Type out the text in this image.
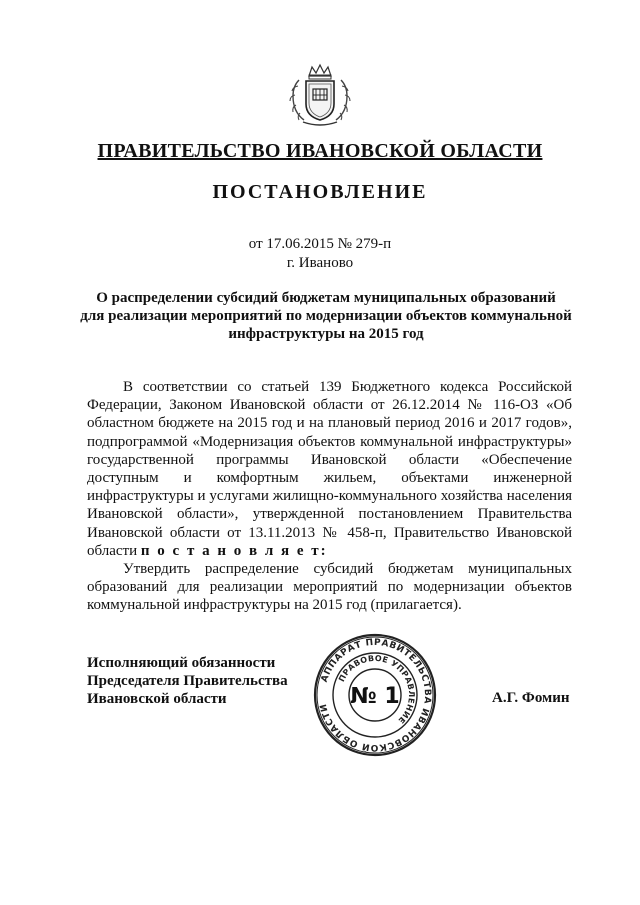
ПРАВИТЕЛЬСТВО ИВАНОВСКОЙ ОБЛАСТИ
ПОСТАНОВЛЕНИЕ
от 17.06.2015 № 279-п
г. Иваново
О распределении субсидий бюджетам муниципальных образований
для реализации мероприятий по модернизации объектов коммунальной
инфраструктуры на 2015 год

В соответствии со статьей 139 Бюджетного кодекса Российской Федерации, Законом Ивановской области от 26.12.2014 № 116-ОЗ «Об областном бюджете на 2015 год и на плановый период 2016 и 2017 годов», подпрограммой «Модернизация объектов коммунальной инфраструктуры» государственной программы Ивановской области «Обеспечение доступным и комфортным жильем, объектами инженерной инфраструктуры и услугами жилищно-коммунального хозяйства населения Ивановской области», утвержденной постановлением Правительства Ивановской области от 13.11.2013 № 458-п, Правительство Ивановской области п о с т а н о в л я е т:

Утвердить распределение субсидий бюджетам муниципальных образований для реализации мероприятий по модернизации объектов коммунальной инфраструктуры на 2015 год (прилагается).

Исполняющий обязанности
Председателя Правительства
Ивановской области
АППАРАТ ПРАВИТЕЛЬСТВА ИВАНОВСКОЙ ОБЛАСТИ
ПРАВОВОЕ УПРАВЛЕНИЕ
№ 1	А.Г. Фомин
